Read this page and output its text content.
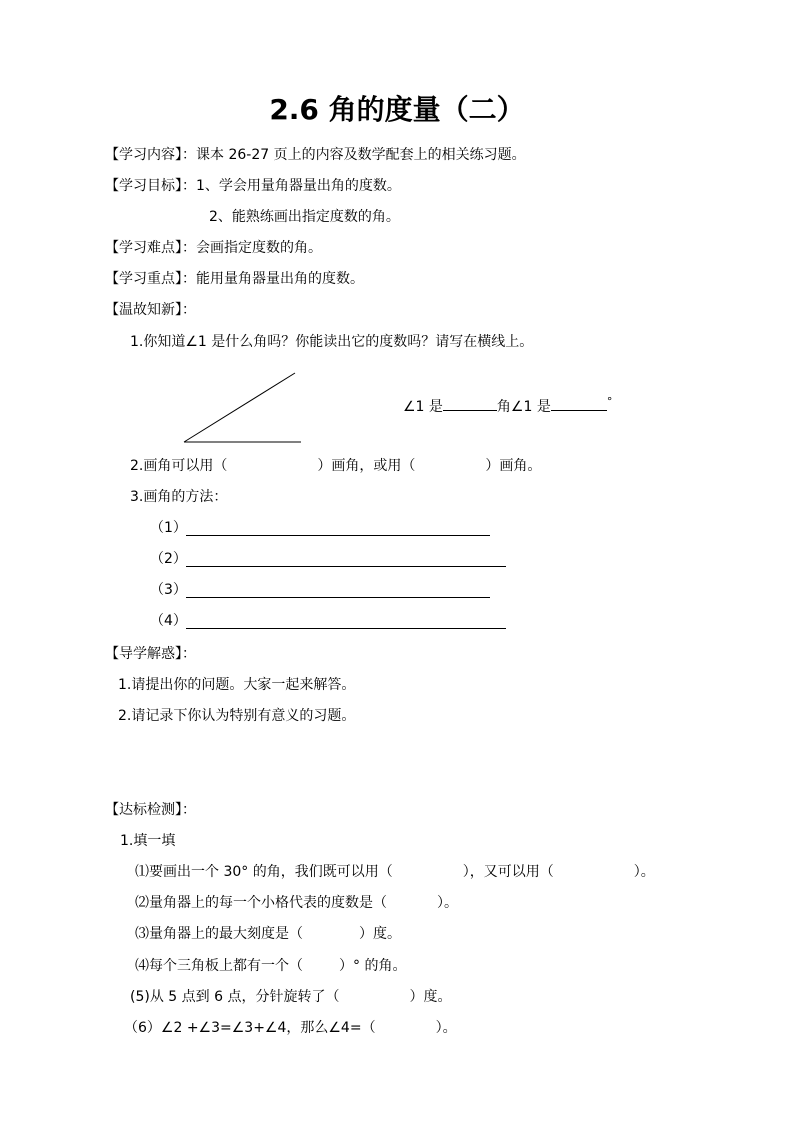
2.6 角的度量（二）
【学习内容】：课本 26-27 页上的内容及数学配套上的相关练习题。
【学习目标】：1、学会用量角器量出角的度数。
2、能熟练画出指定度数的角。
【学习难点】：会画指定度数的角。
【学习重点】：能用量角器量出角的度数。
【温故知新】：
1.你知道∠1 是什么角吗？你能读出它的度数吗？请写在横线上。
∠1 是	角∠1 是	°
2.画角可以用（	）画角，或用（	）画角。
3.画角的方法：
（1）
（2）
（3）
（4）
【导学解惑】：
1.请提出你的问题。大家一起来解答。
2.请记录下你认为特别有意义的习题。
【达标检测】：
1.填一填
⑴要画出一个 30° 的角，我们既可以用（	），又可以用（	）。
⑵量角器上的每一个小格代表的度数是（	）。
⑶量角器上的最大刻度是（	）度。
⑷每个三角板上都有一个（	）° 的角。
(5)从 5 点到 6 点，分针旋转了（	）度。
（6）∠2 +∠3=∠3+∠4，那么∠4=（	）。
